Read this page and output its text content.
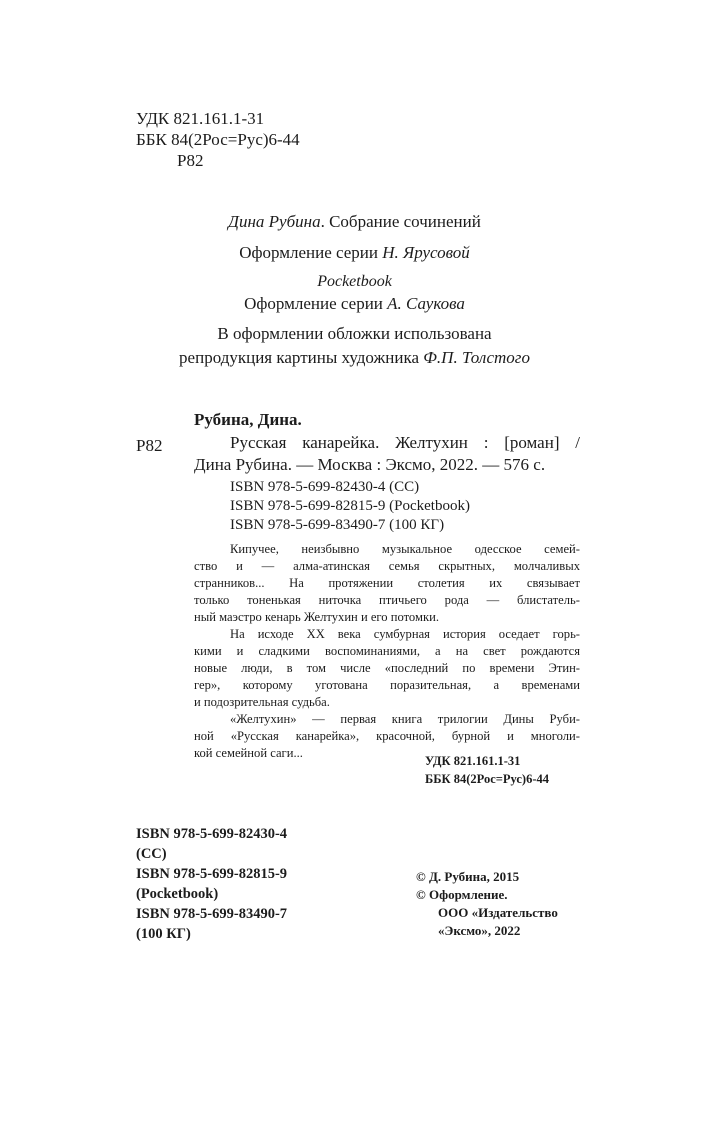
УДК 821.161.1-31
ББК 84(2Рос=Рус)6-44
Р82
Дина Рубина. Собрание сочинений
Оформление серии Н. Ярусовой
Pocketbook
Оформление серии А. Саукова
В оформлении обложки использована
репродукция картины художника Ф.П. Толстого
Рубина, Дина.
Р82	Русская канарейка. Желтухин : [роман] /
Дина Рубина. — Москва : Эксмо, 2022. — 576 с.
ISBN 978-5-699-82430-4 (CC)
ISBN 978-5-699-82815-9 (Pocketbook)
ISBN 978-5-699-83490-7 (100 КГ)

Кипучее, неизбывно музыкальное одесское семей-
ство и — алма-атинская семья скрытных, молчаливых
странников... На протяжении столетия их связывает
только тоненькая ниточка птичьего рода — блистатель-
ный маэстро кенарь Желтухин и его потомки.

На исходе XX века сумбурная история оседает горь-
кими и сладкими воспоминаниями, а на свет рождаются
новые люди, в том числе «последний по времени Этин-
гер», которому уготована поразительная, а временами
и подозрительная судьба.

«Желтухин» — первая книга трилогии Дины Руби-
ной «Русская канарейка», красочной, бурной и многоли-
кой семейной саги...

УДК 821.161.1-31
ББК 84(2Рос=Рус)6-44
ISBN 978-5-699-82430-4
(CC)
ISBN 978-5-699-82815-9
(Pocketbook)
ISBN 978-5-699-83490-7
(100 КГ)
© Д. Рубина, 2015
© Оформление.
ООО «Издательство
«Эксмо», 2022
